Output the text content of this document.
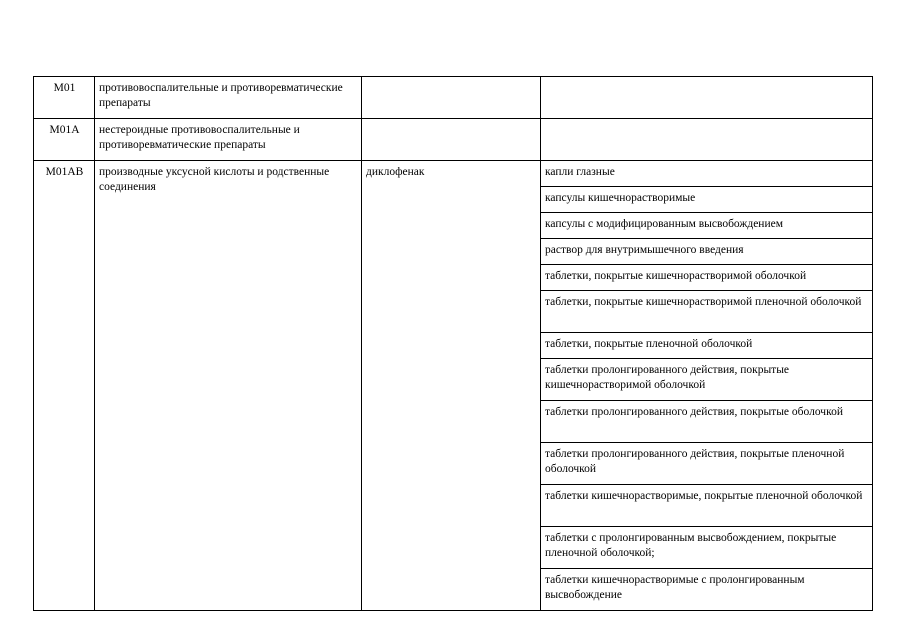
M01	противовоспалительные и противоревматические препараты		
M01A	нестероидные противовоспалительные и противоревматические препараты		
M01AB	производные уксусной кислоты и родственные соединения	диклофенак	капли глазные
			капсулы кишечнорастворимые
			капсулы с модифицированным высвобождением
			раствор для внутримышечного введения
			таблетки, покрытые кишечнорастворимой оболочкой
			таблетки, покрытые кишечнорастворимой пленочной оболочкой
			таблетки, покрытые пленочной оболочкой
			таблетки пролонгированного действия, покрытые кишечнорастворимой оболочкой
			таблетки пролонгированного действия, покрытые оболочкой
			таблетки пролонгированного действия, покрытые пленочной оболочкой
			таблетки кишечнорастворимые, покрытые пленочной оболочкой
			таблетки с пролонгированным высвобождением, покрытые пленочной оболочкой;
			таблетки кишечнорастворимые с пролонгированным высвобождение
